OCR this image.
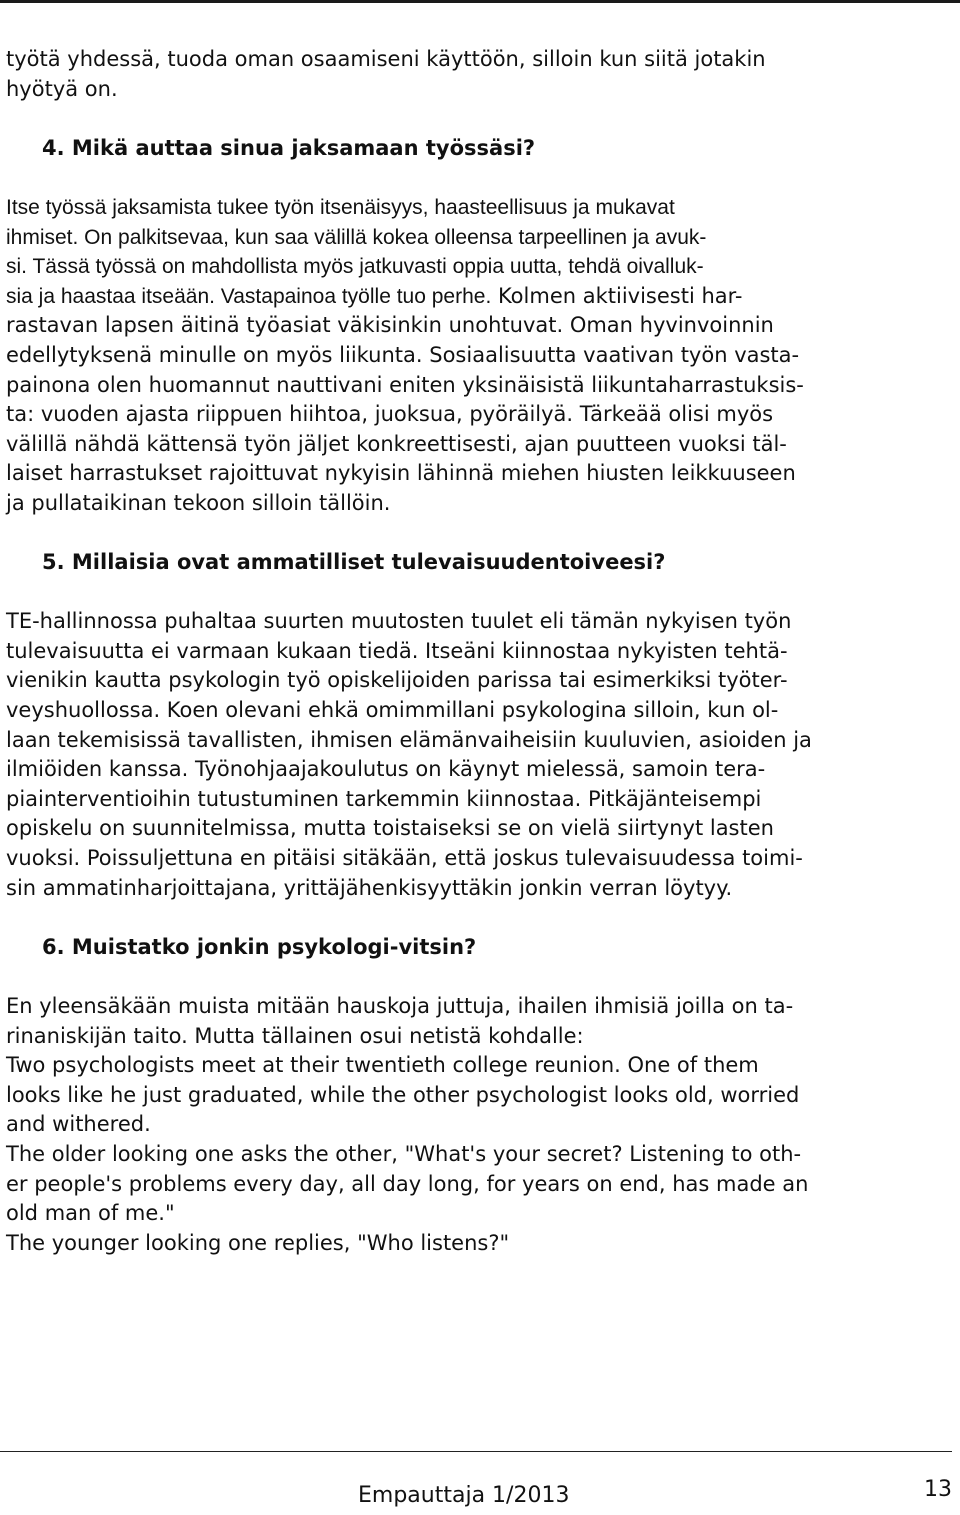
työtä yhdessä, tuoda oman osaamiseni käyttöön, silloin kun siitä jotakin
hyötyä on.

4. Mikä auttaa sinua jaksamaan työssäsi?

Itse työssä jaksamista tukee työn itsenäisyys, haasteellisuus ja mukavat
ihmiset. On palkitsevaa, kun saa välillä kokea olleensa tarpeellinen ja avuk-
si. Tässä työssä on mahdollista myös jatkuvasti oppia uutta, tehdä oivalluk-
sia ja haastaa itseään. Vastapainoa työlle tuo perhe. Kolmen aktiivisesti har-
rastavan lapsen äitinä työasiat väkisinkin unohtuvat. Oman hyvinvoinnin
edellytyksenä minulle on myös liikunta. Sosiaalisuutta vaativan työn vasta-
painona olen huomannut nauttivani eniten yksinäisistä liikuntaharrastuksis-
ta: vuoden ajasta riippuen hiihtoa, juoksua, pyöräilyä. Tärkeää olisi myös
välillä nähdä kättensä työn jäljet konkreettisesti, ajan puutteen vuoksi täl-
laiset harrastukset rajoittuvat nykyisin lähinnä miehen hiusten leikkuuseen
ja pullataikinan tekoon silloin tällöin.

5. Millaisia ovat ammatilliset tulevaisuudentoiveesi?

TE-hallinnossa puhaltaa suurten muutosten tuulet eli tämän nykyisen työn
tulevaisuutta ei varmaan kukaan tiedä. Itseäni kiinnostaa nykyisten tehtä-
vienikin kautta psykologin työ opiskelijoiden parissa tai esimerkiksi työter-
veyshuollossa. Koen olevani ehkä omimmillani psykologina silloin, kun ol-
laan tekemisissä tavallisten, ihmisen elämänvaiheisiin kuuluvien, asioiden ja
ilmiöiden kanssa. Työnohjaajakoulutus on käynyt mielessä, samoin tera-
piainterventioihin tutustuminen tarkemmin kiinnostaa. Pitkäjänteisempi
opiskelu on suunnitelmissa, mutta toistaiseksi se on vielä siirtynyt lasten
vuoksi. Poissuljettuna en pitäisi sitäkään, että joskus tulevaisuudessa toimi-
sin ammatinharjoittajana, yrittäjähenkisyyttäkin jonkin verran löytyy.

6. Muistatko jonkin psykologi-vitsin?

En yleensäkään muista mitään hauskoja juttuja, ihailen ihmisiä joilla on ta-
rinaniskijän taito. Mutta tällainen osui netistä kohdalle:
Two psychologists meet at their twentieth college reunion. One of them
looks like he just graduated, while the other psychologist looks old, worried
and withered.
The older looking one asks the other, "What's your secret? Listening to oth-
er people's problems every day, all day long, for years on end, has made an
old man of me."
The younger looking one replies, "Who listens?"

Empauttaja 1/2013	13
